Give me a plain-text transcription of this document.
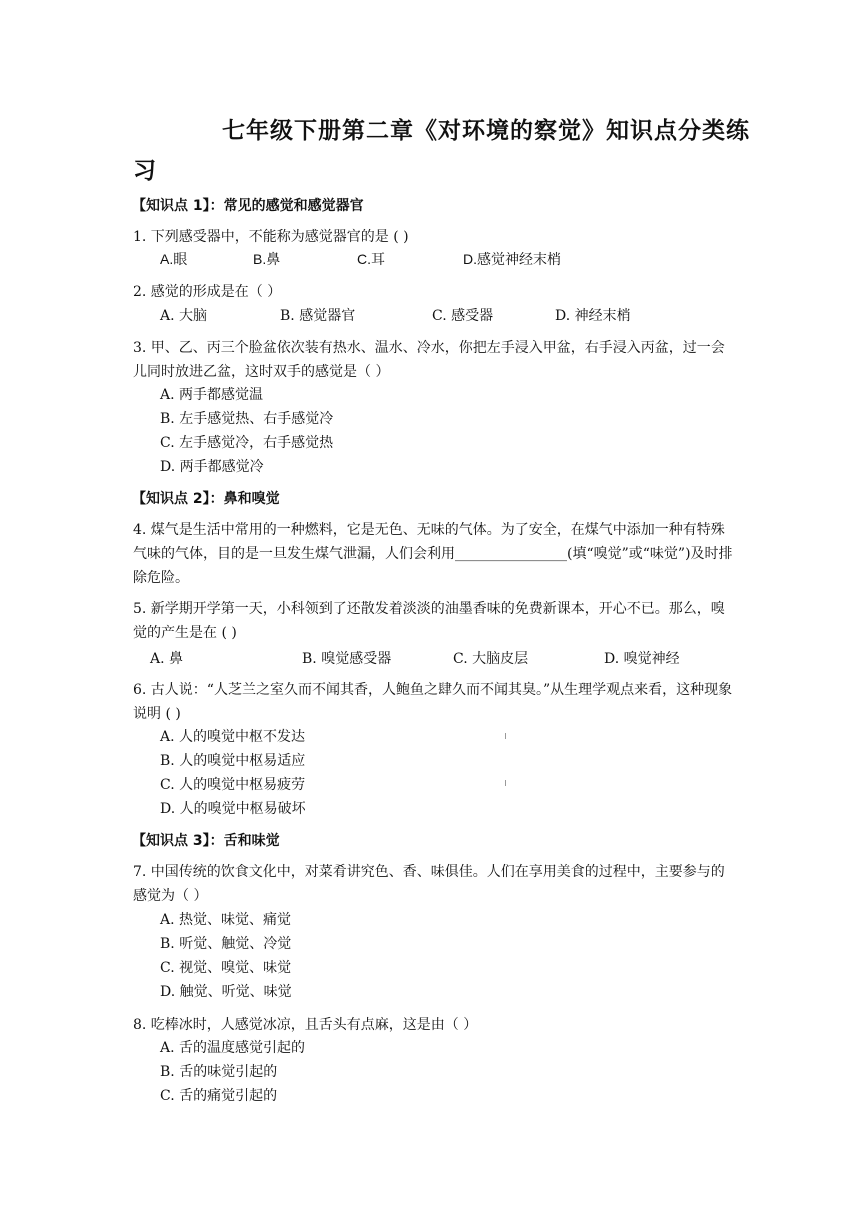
七年级下册第二章《对环境的察觉》知识点分类练
习
【知识点 1】：常见的感觉和感觉器官
1. 下列感受器中，不能称为感觉器官的是 ( )
A.眼	B.鼻	C.耳	D.感觉神经末梢
2. 感觉的形成是在（ ）
A. 大脑	B. 感觉器官	C. 感受器	D. 神经末梢
3. 甲、乙、丙三个脸盆依次装有热水、温水、冷水，你把左手浸入甲盆，右手浸入丙盆，过一会儿同时放进乙盆，这时双手的感觉是（ ）
A. 两手都感觉温
B. 左手感觉热、右手感觉冷
C. 左手感觉冷，右手感觉热
D. 两手都感觉冷
【知识点 2】：鼻和嗅觉
4. 煤气是生活中常用的一种燃料，它是无色、无味的气体。为了安全，在煤气中添加一种有特殊气味的气体，目的是一旦发生煤气泄漏，人们会利用________________(填“嗅觉”或“味觉”)及时排除危险。
5. 新学期开学第一天，小科领到了还散发着淡淡的油墨香味的免费新课本，开心不已。那么，嗅觉的产生是在 ( )
A. 鼻	B. 嗅觉感受器	C. 大脑皮层	D. 嗅觉神经
6. 古人说：“人芝兰之室久而不闻其香，人鲍鱼之肆久而不闻其臭。”从生理学观点来看，这种现象说明 ( )
A. 人的嗅觉中枢不发达
B. 人的嗅觉中枢易适应
C. 人的嗅觉中枢易疲劳
D. 人的嗅觉中枢易破坏
【知识点 3】：舌和味觉
7. 中国传统的饮食文化中，对菜肴讲究色、香、味俱佳。人们在享用美食的过程中，主要参与的感觉为（ ）
A. 热觉、味觉、痛觉
B. 听觉、触觉、冷觉
C. 视觉、嗅觉、味觉
D. 触觉、听觉、味觉
8. 吃棒冰时，人感觉冰凉，且舌头有点麻，这是由（ ）
A. 舌的温度感觉引起的
B. 舌的味觉引起的
C. 舌的痛觉引起的
